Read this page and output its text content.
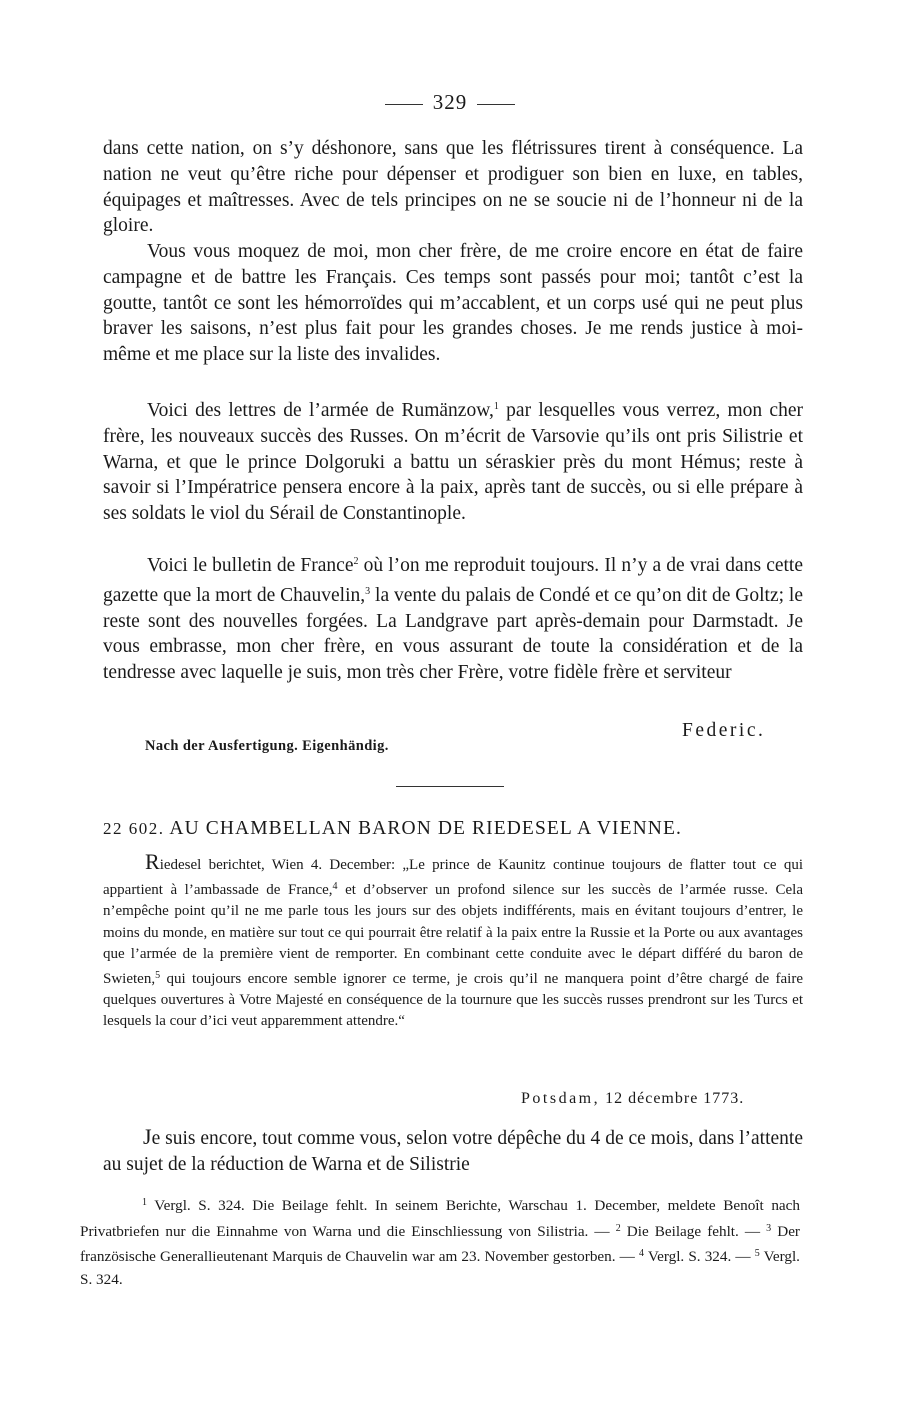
329

dans cette nation, on s’y déshonore, sans que les flétrissures tirent à conséquence. La nation ne veut qu’être riche pour dépenser et prodiguer son bien en luxe, en tables, équipages et maîtresses. Avec de tels principes on ne se soucie ni de l’honneur ni de la gloire.

Vous vous moquez de moi, mon cher frère, de me croire encore en état de faire campagne et de battre les Français. Ces temps sont passés pour moi; tantôt c’est la goutte, tantôt ce sont les hémorroïdes qui m’accablent, et un corps usé qui ne peut plus braver les saisons, n’est plus fait pour les grandes choses. Je me rends justice à moi-même et me place sur la liste des invalides.

Voici des lettres de l’armée de Rumänzow,$^1$ par lesquelles vous verrez, mon cher frère, les nouveaux succès des Russes. On m’écrit de Varsovie qu’ils ont pris Silistrie et Warna, et que le prince Dolgoruki a battu un séraskier près du mont Hémus; reste à savoir si l’Impératrice pensera encore à la paix, après tant de succès, ou si elle prépare à ses soldats le viol du Sérail de Constantinople.

Voici le bulletin de France$^2$ où l’on me reproduit toujours. Il n’y a de vrai dans cette gazette que la mort de Chauvelin,$^3$ la vente du palais de Condé et ce qu’on dit de Goltz; le reste sont des nouvelles forgées. La Landgrave part après-demain pour Darmstadt. Je vous embrasse, mon cher frère, en vous assurant de toute la considération et de la tendresse avec laquelle je suis, mon très cher Frère, votre fidèle frère et serviteur

Federic.
Nach der Ausfertigung. Eigenhändig.
22 602. AU CHAMBELLAN BARON DE RIEDESEL A VIENNE.

Riedesel berichtet, Wien 4. December: „Le prince de Kaunitz continue toujours de flatter tout ce qui appartient à l’ambassade de France,$^4$ et d’observer un profond silence sur les succès de l’armée russe. Cela n’empêche point qu’il ne me parle tous les jours sur des objets indifférents, mais en évitant toujours d’entrer, le moins du monde, en matière sur tout ce qui pourrait être relatif à la paix entre la Russie et la Porte ou aux avantages que l’armée de la première vient de remporter. En combinant cette conduite avec le départ différé du baron de Swieten,$^5$ qui toujours encore semble ignorer ce terme, je crois qu’il ne manquera point d’être chargé de faire quelques ouvertures à Votre Majesté en conséquence de la tournure que les succès russes prendront sur les Turcs et lesquels la cour d’ici veut apparemment attendre.“

Potsdam, 12 décembre 1773.

Je suis encore, tout comme vous, selon votre dépêche du 4 de ce mois, dans l’attente au sujet de la réduction de Warna et de Silistrie

$^1$ Vergl. S. 324. Die Beilage fehlt. In seinem Berichte, Warschau 1. December, meldete Benoît nach Privatbriefen nur die Einnahme von Warna und die Einschliessung von Silistria. — $^2$ Die Beilage fehlt. — $^3$ Der französische Generallieutenant Marquis de Chauvelin war am 23. November gestorben. — $^4$ Vergl. S. 324. — $^5$ Vergl. S. 324.
